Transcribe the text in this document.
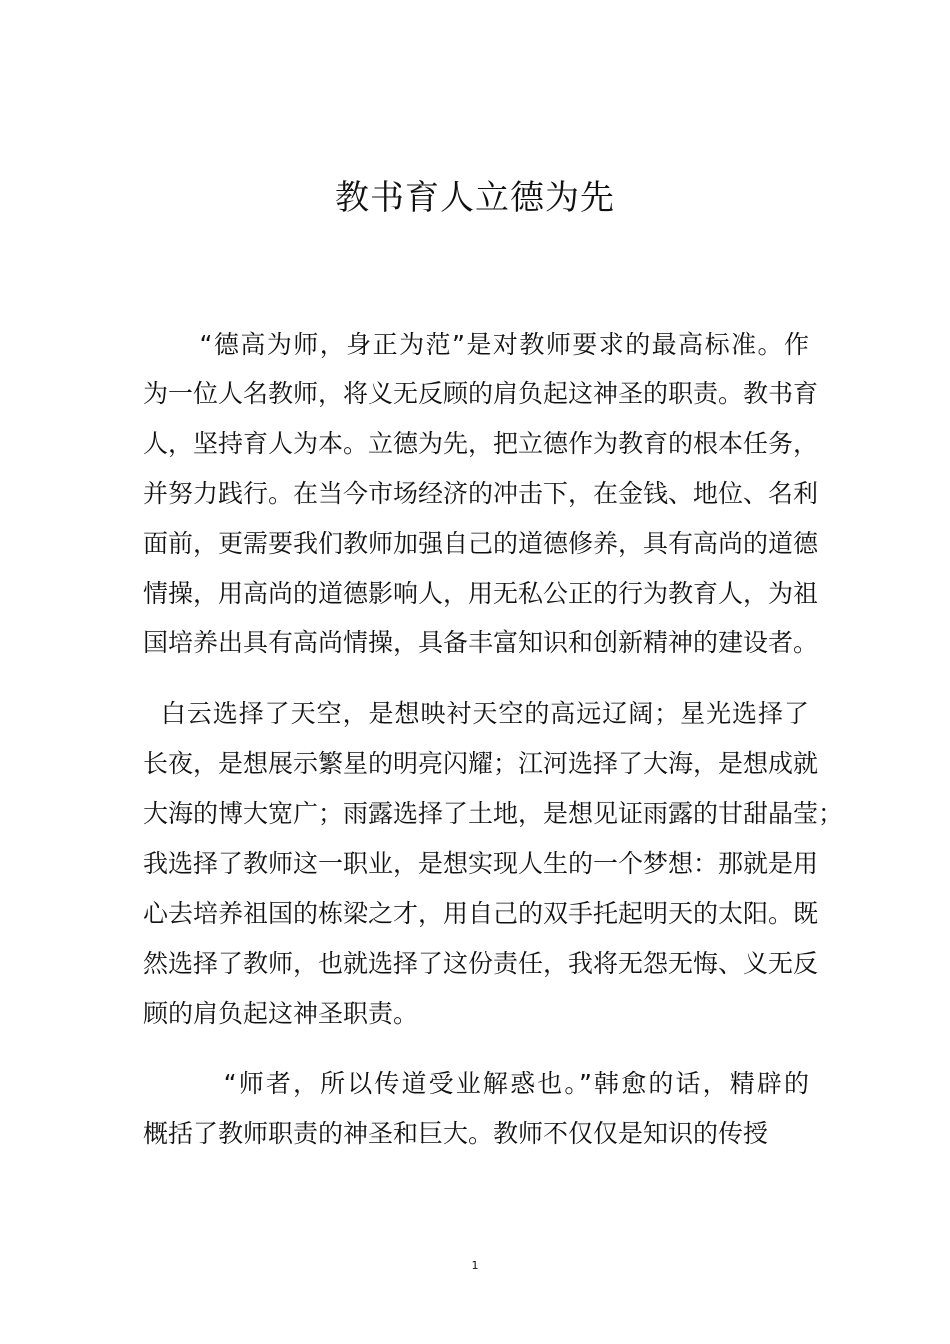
教书育人立德为先

“德高为师，身正为范”是对教师要求的最高标准。作

为一位人名教师，将义无反顾的肩负起这神圣的职责。教书育

人，坚持育人为本。立德为先，把立德作为教育的根本任务，

并努力践行。在当今市场经济的冲击下，在金钱、地位、名利

面前，更需要我们教师加强自己的道德修养，具有高尚的道德

情操，用高尚的道德影响人，用无私公正的行为教育人，为祖

国培养出具有高尚情操，具备丰富知识和创新精神的建设者。

白云选择了天空，是想映衬天空的高远辽阔；星光选择了

长夜，是想展示繁星的明亮闪耀；江河选择了大海，是想成就

大海的博大宽广；雨露选择了土地，是想见证雨露的甘甜晶莹；

我选择了教师这一职业，是想实现人生的一个梦想：那就是用

心去培养祖国的栋梁之才，用自己的双手托起明天的太阳。既

然选择了教师，也就选择了这份责任，我将无怨无悔、义无反

顾的肩负起这神圣职责。

“师者，所以传道受业解惑也。”韩愈的话，精辟的

概括了教师职责的神圣和巨大。教师不仅仅是知识的传授

1
